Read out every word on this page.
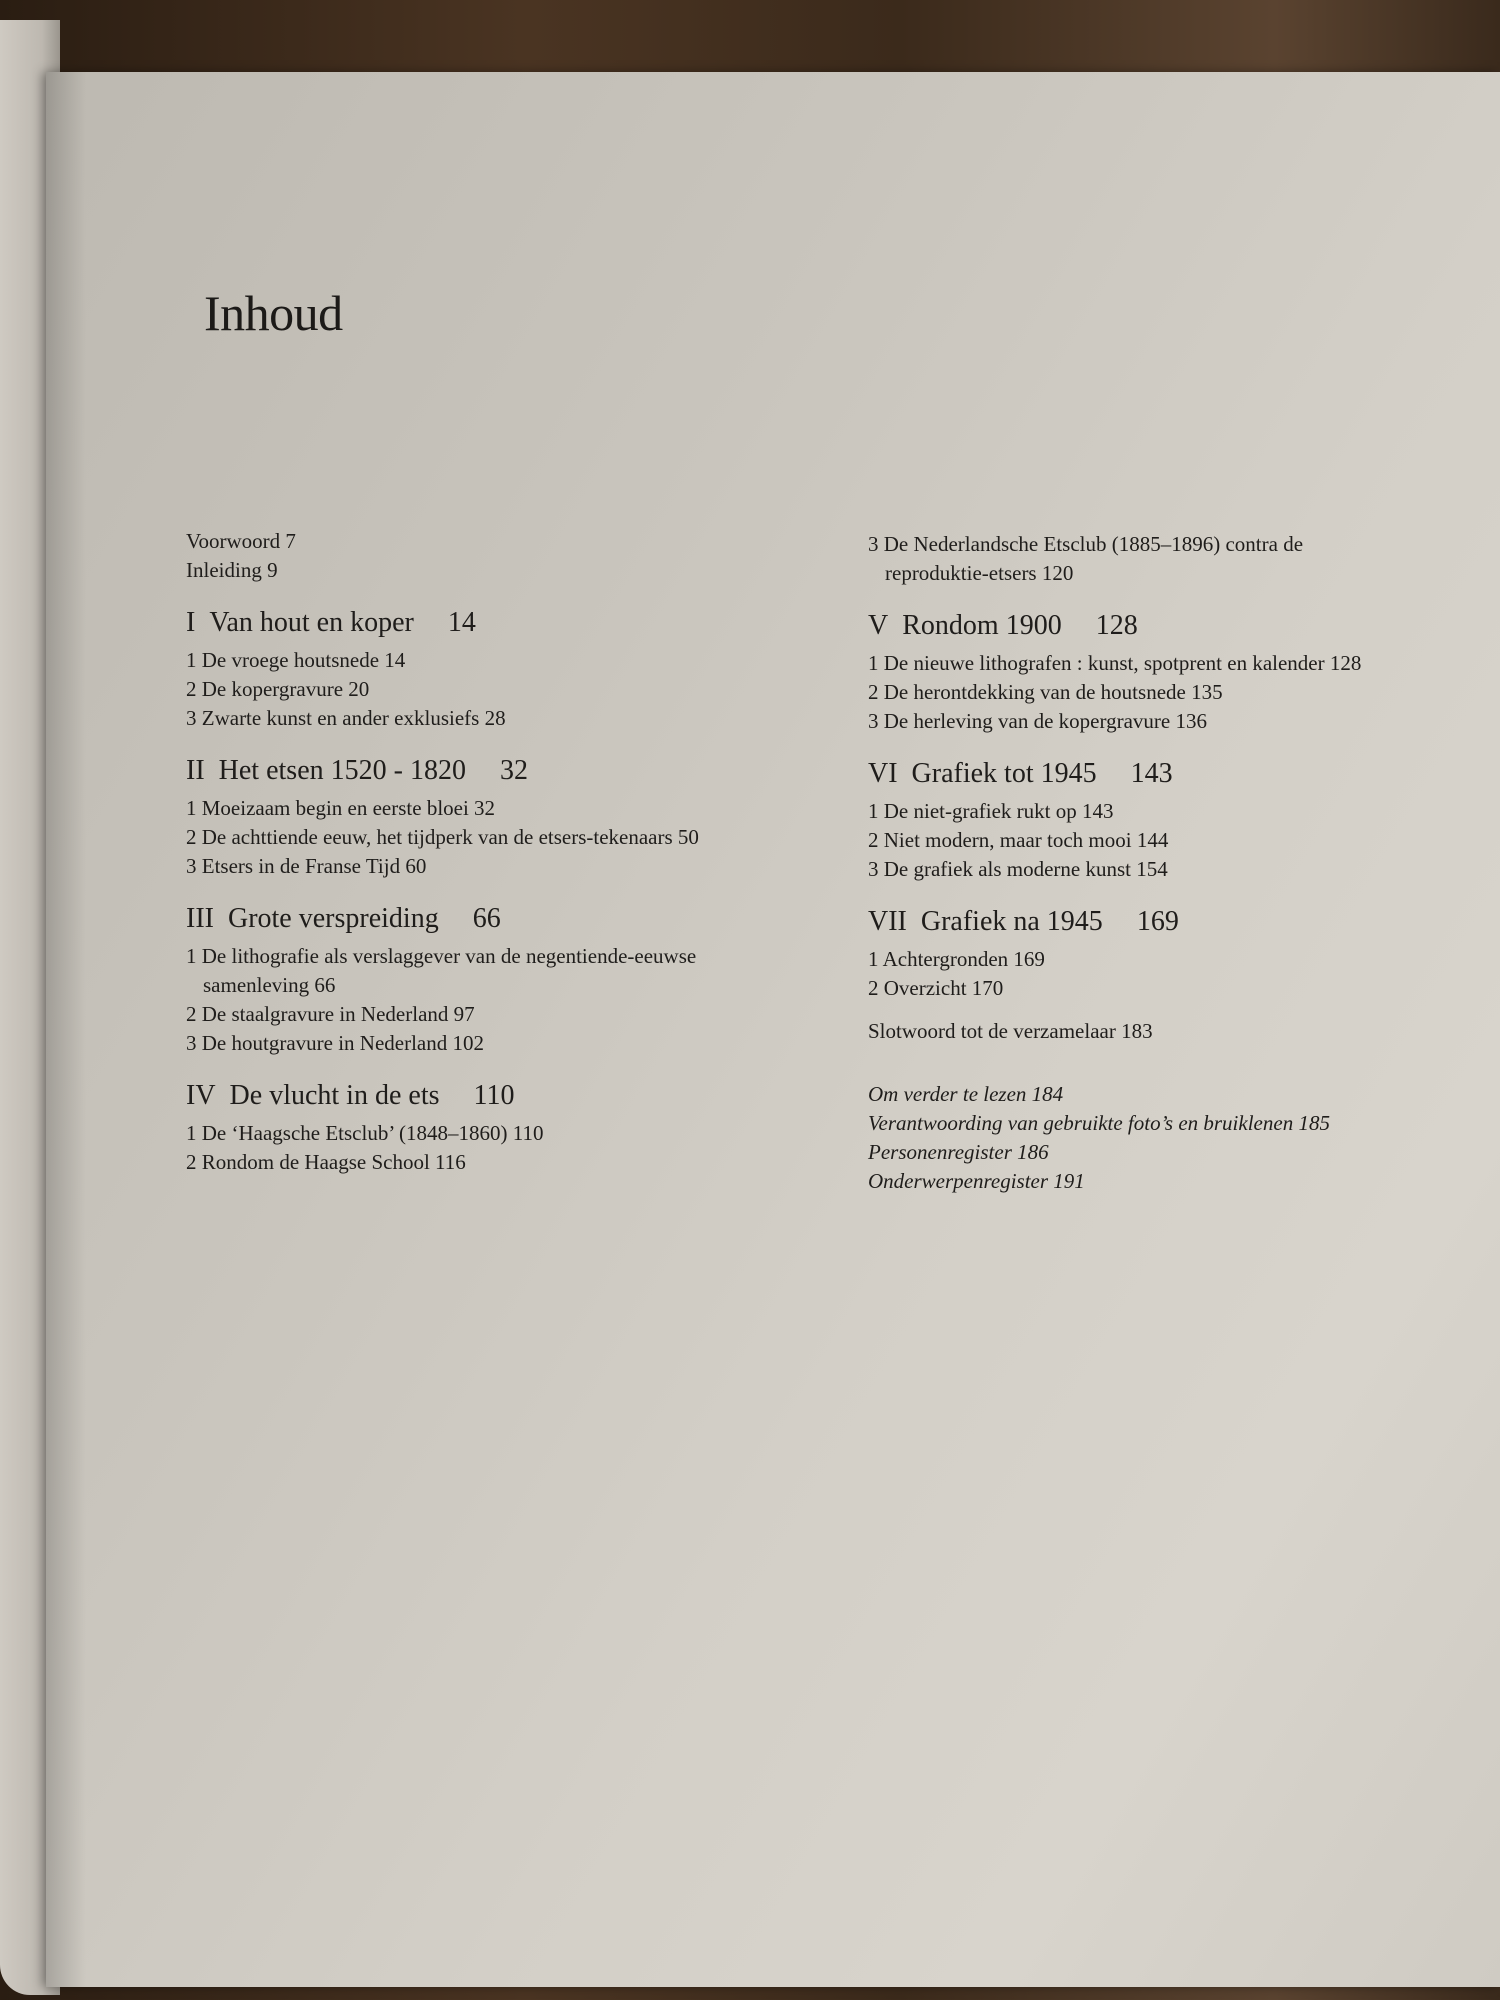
Inhoud
Voorwoord 7
Inleiding 9
I Van hout en koper 14
1 De vroege houtsnede 14
2 De kopergravure 20
3 Zwarte kunst en ander exklusiefs 28
II Het etsen 1520 - 1820 32
1 Moeizaam begin en eerste bloei 32
2 De achttiende eeuw, het tijdperk van de etsers-tekenaars 50
3 Etsers in de Franse Tijd 60
III Grote verspreiding 66
1 De lithografie als verslaggever van de negentiende-eeuwse
samenleving 66
2 De staalgravure in Nederland 97
3 De houtgravure in Nederland 102
IV De vlucht in de ets 110
1 De ‘Haagsche Etsclub’ (1848–1860) 110
2 Rondom de Haagse School 116
3 De Nederlandsche Etsclub (1885–1896) contra de
reproduktie-etsers 120
V Rondom 1900 128
1 De nieuwe lithografen : kunst, spotprent en kalender 128
2 De herontdekking van de houtsnede 135
3 De herleving van de kopergravure 136
VI Grafiek tot 1945 143
1 De niet-grafiek rukt op 143
2 Niet modern, maar toch mooi 144
3 De grafiek als moderne kunst 154
VII Grafiek na 1945 169
1 Achtergronden 169
2 Overzicht 170
Slotwoord tot de verzamelaar 183
Om verder te lezen 184
Verantwoording van gebruikte foto’s en bruiklenen 185
Personenregister 186
Onderwerpenregister 191
